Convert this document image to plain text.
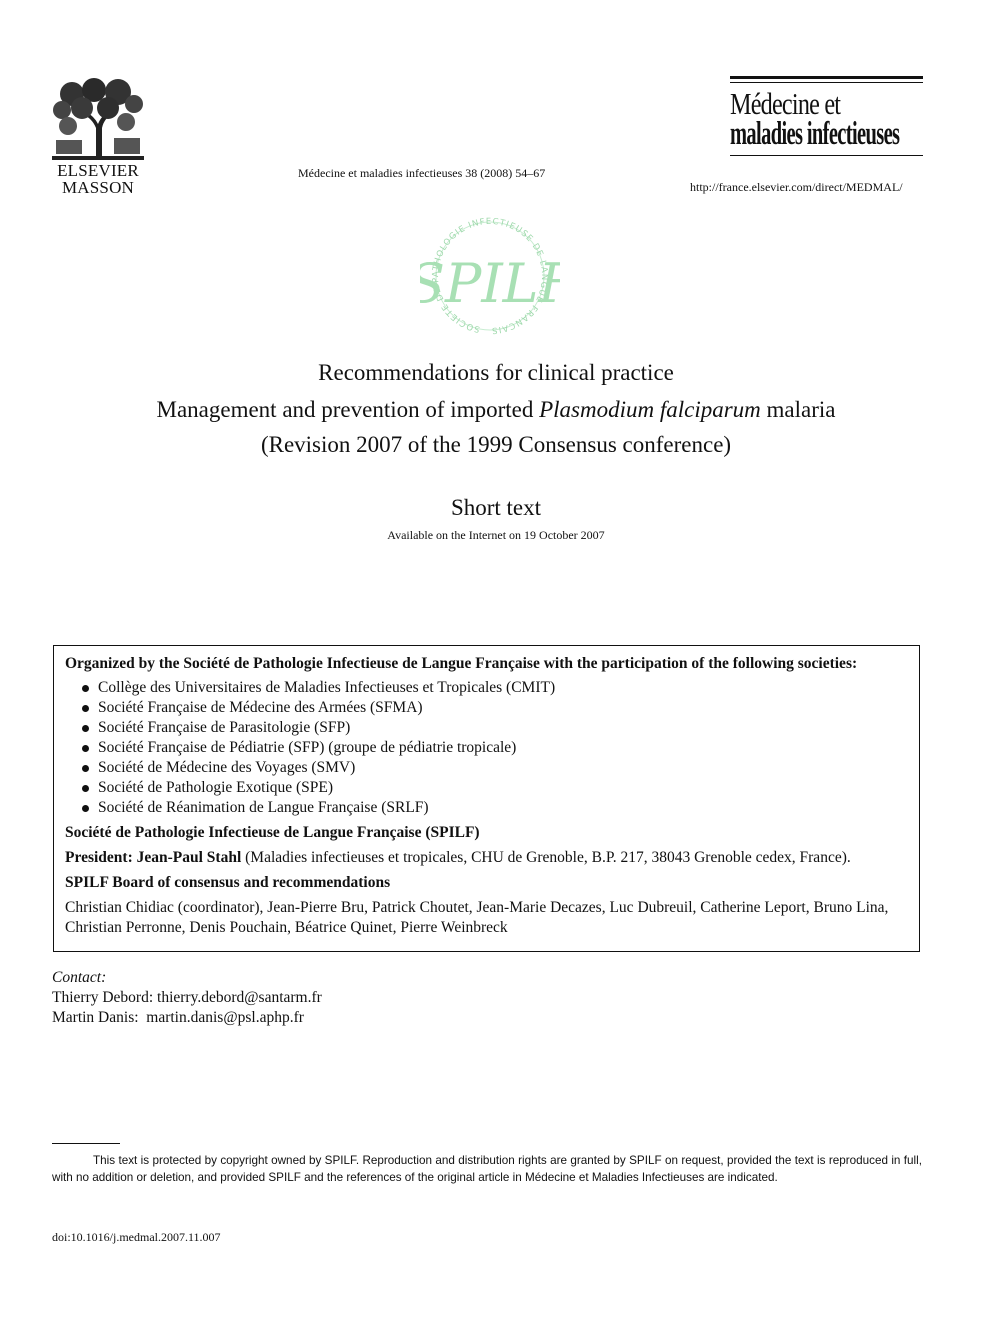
ELSEVIER
MASSON
Médecine et maladies infectieuses 38 (2008) 54–67
Médecine et
maladies infectieuses
http://france.elsevier.com/direct/MEDMAL/
SOCIETE DE PATHOLOGIE INFECTIEUSE DE LANGUE FRANCAIS
PIL
Recommendations for clinical practice
Management and prevention of imported Plasmodium falciparum malaria
(Revision 2007 of the 1999 Consensus conference)
Short text
Available on the Internet on 19 October 2007
Organized by the Société de Pathologie Infectieuse de Langue Française with the participation of the following societies:
Collège des Universitaires de Maladies Infectieuses et Tropicales (CMIT)
Société Française de Médecine des Armées (SFMA)
Société Française de Parasitologie (SFP)
Société Française de Pédiatrie (SFP) (groupe de pédiatrie tropicale)
Société de Médecine des Voyages (SMV)
Société de Pathologie Exotique (SPE)
Société de Réanimation de Langue Française (SRLF)
Société de Pathologie Infectieuse de Langue Française (SPILF)
President: Jean-Paul Stahl (Maladies infectieuses et tropicales, CHU de Grenoble, B.P. 217, 38043 Grenoble cedex, France).
SPILF Board of consensus and recommendations
Christian Chidiac (coordinator), Jean-Pierre Bru, Patrick Choutet, Jean-Marie Decazes, Luc Dubreuil, Catherine Leport, Bruno Lina, Christian Perronne, Denis Pouchain, Béatrice Quinet, Pierre Weinbreck
Contact:
Thierry Debord: thierry.debord@santarm.fr
Martin Danis: martin.danis@psl.aphp.fr
This text is protected by copyright owned by SPILF. Reproduction and distribution rights are granted by SPILF on request, provided the text is reproduced in full, with no addition or deletion, and provided SPILF and the references of the original article in Médecine et Maladies Infectieuses are indicated.
doi:10.1016/j.medmal.2007.11.007
